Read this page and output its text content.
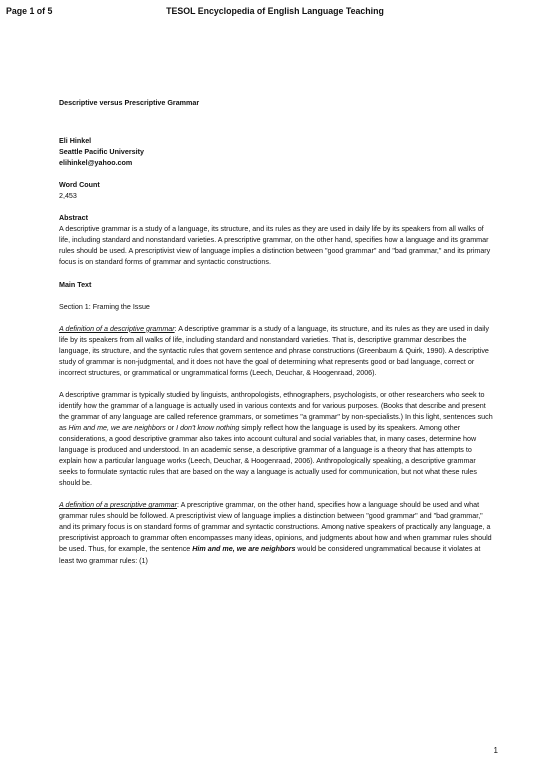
Page 1 of 5	TESOL Encyclopedia of English Language Teaching

Descriptive versus Prescriptive Grammar

Eli Hinkel

Seattle Pacific University

elihinkel@yahoo.com

Word Count

2,453

Abstract

A descriptive grammar is a study of a language, its structure, and its rules as they are used in daily life by its speakers from all walks of life, including standard and nonstandard varieties. A prescriptive grammar, on the other hand, specifies how a language and its grammar rules should be used. A prescriptivist view of language implies a distinction between "good grammar" and "bad grammar," and its primary focus is on standard forms of grammar and syntactic constructions.

Main Text

Section 1: Framing the Issue

A definition of a descriptive grammar: A descriptive grammar is a study of a language, its structure, and its rules as they are used in daily life by its speakers from all walks of life, including standard and nonstandard varieties. That is, descriptive grammar describes the language, its structure, and the syntactic rules that govern sentence and phrase constructions (Greenbaum & Quirk, 1990). A descriptive study of grammar is non-judgmental, and it does not have the goal of determining what represents good or bad language, correct or incorrect structures, or grammatical or ungrammatical forms (Leech, Deuchar, & Hoogenraad, 2006).

A descriptive grammar is typically studied by linguists, anthropologists, ethnographers, psychologists, or other researchers who seek to identify how the grammar of a language is actually used in various contexts and for various purposes. (Books that describe and present the grammar of any language are called reference grammars, or sometimes "a grammar" by non-specialists.) In this light, sentences such as Him and me, we are neighbors or I don't know nothing simply reflect how the language is used by its speakers. Among other considerations, a good descriptive grammar also takes into account cultural and social variables that, in many cases, determine how language is produced and understood. In an academic sense, a descriptive grammar of a language is a theory that has attempts to explain how a particular language works (Leech, Deuchar, & Hoogenraad, 2006). Anthropologically speaking, a descriptive grammar seeks to formulate syntactic rules that are based on the way a language is actually used for communication, but not what these rules should be.

A definition of a prescriptive grammar: A prescriptive grammar, on the other hand, specifies how a language should be used and what grammar rules should be followed. A prescriptivist view of language implies a distinction between "good grammar" and "bad grammar," and its primary focus is on standard forms of grammar and syntactic constructions. Among native speakers of practically any language, a prescriptivist approach to grammar often encompasses many ideas, opinions, and judgments about how and when grammar rules should be used. Thus, for example, the sentence Him and me, we are neighbors would be considered ungrammatical because it violates at least two grammar rules: (1)

1
